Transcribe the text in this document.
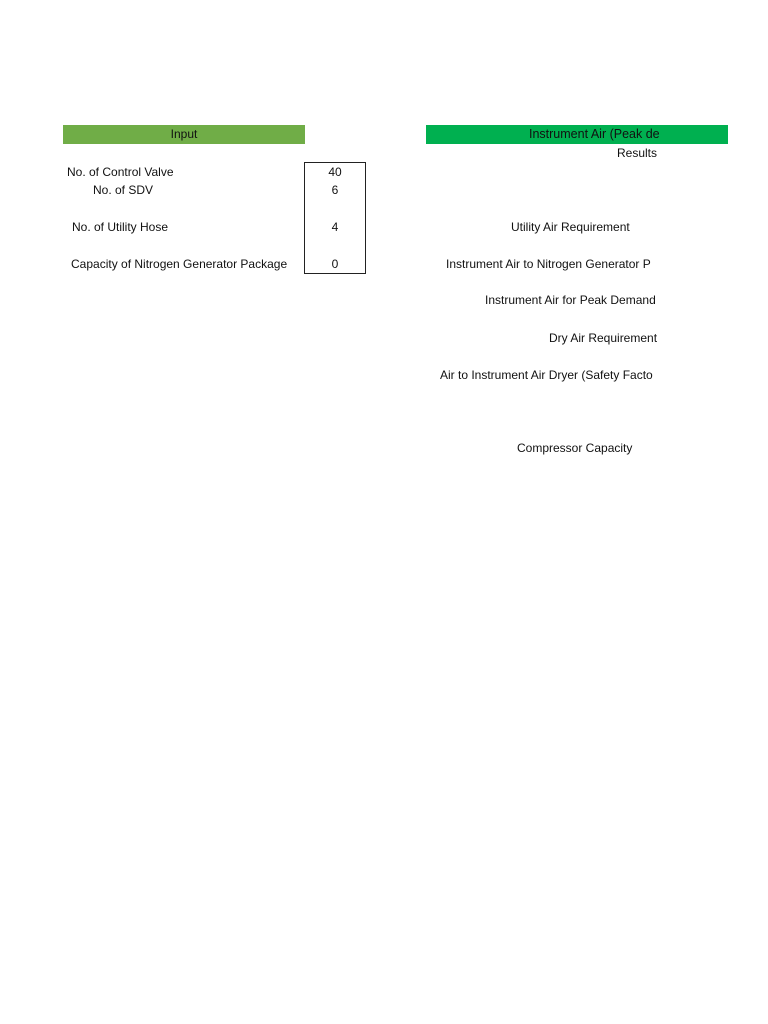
Input
No. of Control Valve
No. of SDV
No. of Utility Hose
Capacity of Nitrogen Generator Package
40
6
4
0
Instrument Air (Peak de
Results
Utility Air Requirement
Instrument Air to Nitrogen Generator P
Instrument Air for Peak Demand
Dry Air Requirement
Air to Instrument Air Dryer (Safety Facto
Compressor Capacity
